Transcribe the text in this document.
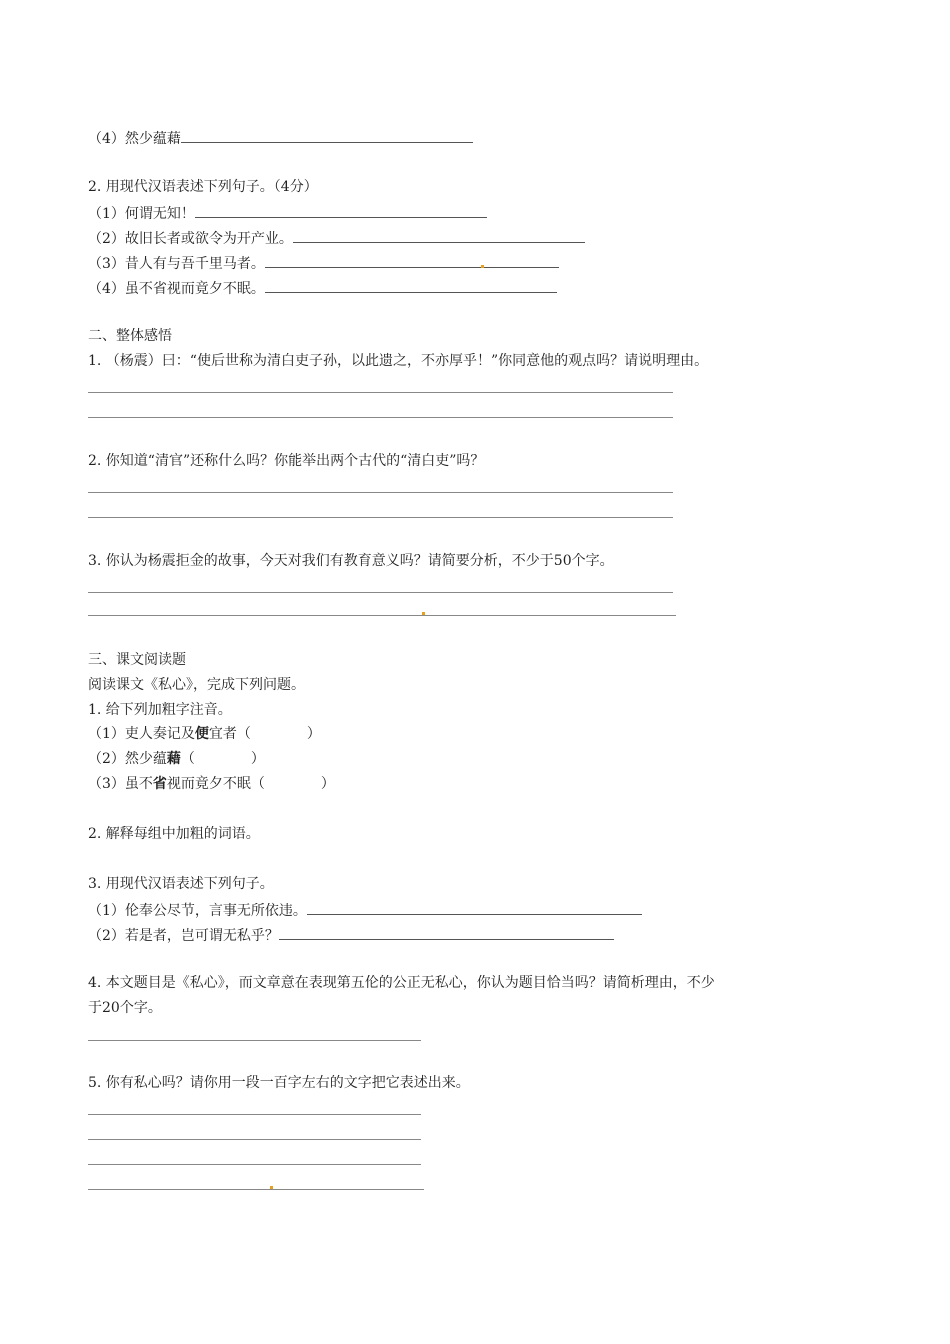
（4）然少蕴藉
2. 用现代汉语表述下列句子。（4分）
（1）何谓无知！
（2）故旧长者或欲令为开产业。
（3）昔人有与吾千里马者。
（4）虽不省视而竟夕不眠。
二、整体感悟
1. （杨震）曰：“使后世称为清白吏子孙，以此遗之，不亦厚乎！”你同意他的观点吗？请说明理由。
2. 你知道“清官”还称什么吗？你能举出两个古代的“清白吏”吗？
3. 你认为杨震拒金的故事，今天对我们有教育意义吗？请简要分析，不少于50个字。
三、课文阅读题
阅读课文《私心》，完成下列问题。
1. 给下列加粗字注音。
（1）吏人奏记及便宜者（	）
（2）然少蕴藉（	）
（3）虽不省视而竟夕不眠（	）
2. 解释每组中加粗的词语。
3. 用现代汉语表述下列句子。
（1）伦奉公尽节，言事无所依违。
（2）若是者，岂可谓无私乎？
4. 本文题目是《私心》，而文章意在表现第五伦的公正无私心，你认为题目恰当吗？请简析理由，不少
于20个字。
5. 你有私心吗？请你用一段一百字左右的文字把它表述出来。
